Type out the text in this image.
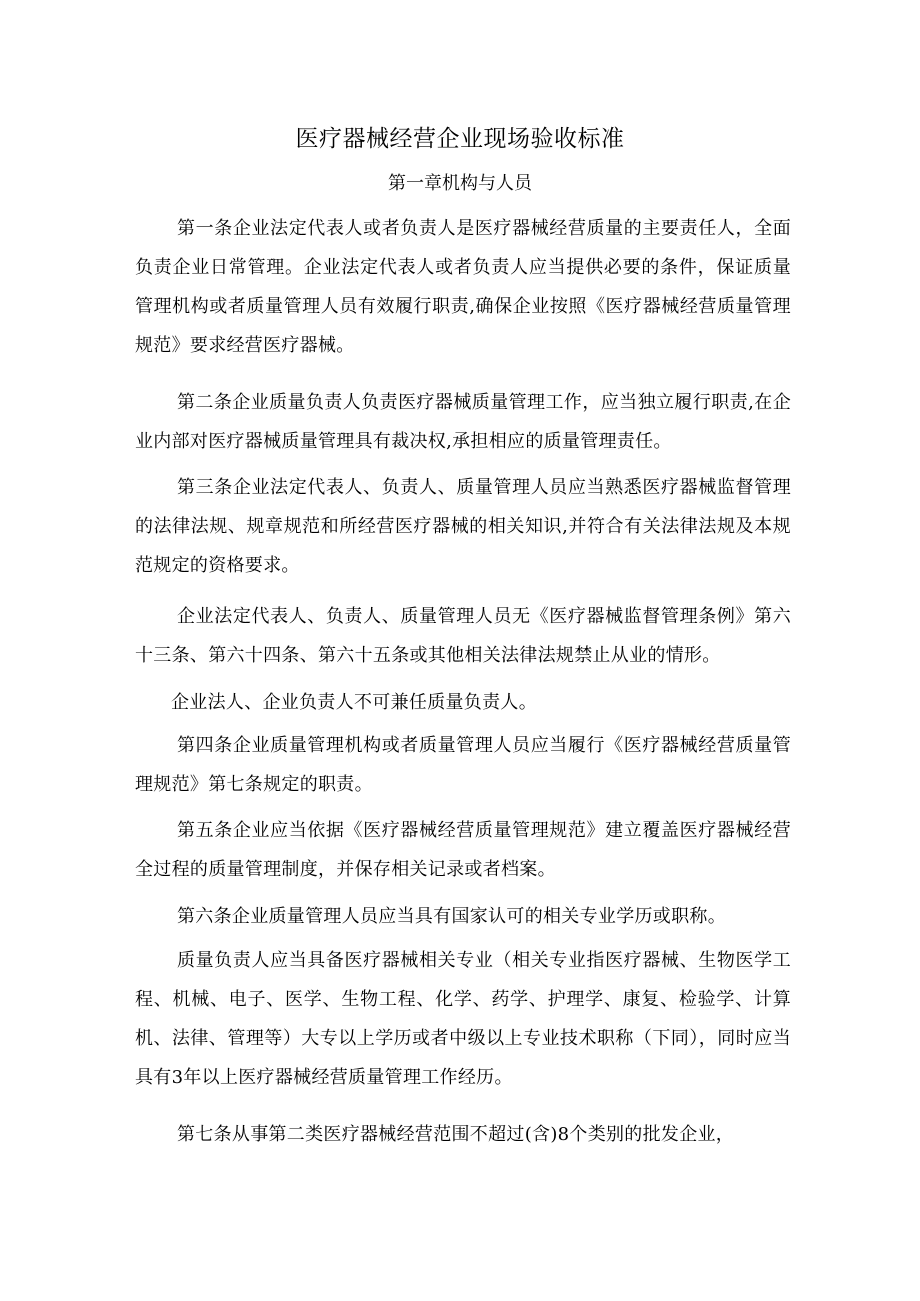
医疗器械经营企业现场验收标准
第一章机构与人员

第一条企业法定代表人或者负责人是医疗器械经营质量的主要责任人，全面负责企业日常管理。企业法定代表人或者负责人应当提供必要的条件，保证质量管理机构或者质量管理人员有效履行职责,确保企业按照《医疗器械经营质量管理规范》要求经营医疗器械。

第二条企业质量负责人负责医疗器械质量管理工作，应当独立履行职责,在企业内部对医疗器械质量管理具有裁决权,承担相应的质量管理责任。

第三条企业法定代表人、负责人、质量管理人员应当熟悉医疗器械监督管理的法律法规、规章规范和所经营医疗器械的相关知识,并符合有关法律法规及本规范规定的资格要求。

企业法定代表人、负责人、质量管理人员无《医疗器械监督管理条例》第六十三条、第六十四条、第六十五条或其他相关法律法规禁止从业的情形。

企业法人、企业负责人不可兼任质量负责人。

第四条企业质量管理机构或者质量管理人员应当履行《医疗器械经营质量管理规范》第七条规定的职责。

第五条企业应当依据《医疗器械经营质量管理规范》建立覆盖医疗器械经营全过程的质量管理制度，并保存相关记录或者档案。

第六条企业质量管理人员应当具有国家认可的相关专业学历或职称。

质量负责人应当具备医疗器械相关专业（相关专业指医疗器械、生物医学工程、机械、电子、医学、生物工程、化学、药学、护理学、康复、检验学、计算机、法律、管理等）大专以上学历或者中级以上专业技术职称（下同），同时应当具有3年以上医疗器械经营质量管理工作经历。

第七条从事第二类医疗器械经营范围不超过(含)8个类别的批发企业，
